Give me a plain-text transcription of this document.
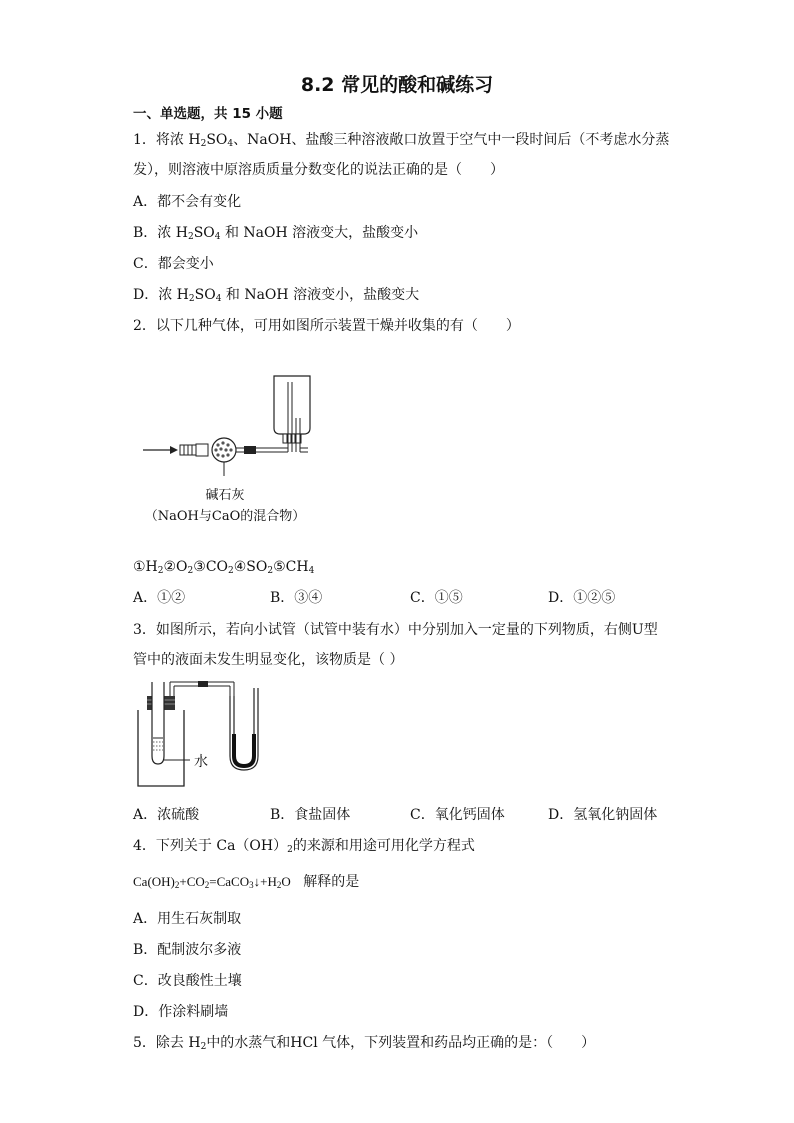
8.2 常见的酸和碱练习
一、单选题，共 15 小题
1．将浓 $H_2SO_4$、NaOH、盐酸三种溶液敞口放置于空气中一段时间后（不考虑水分蒸
发），则溶液中原溶质质量分数变化的说法正确的是（　　）
A．都不会有变化
B．浓 $H_2SO_4$ 和 NaOH 溶液变大，盐酸变小
C．都会变小
D．浓 $H_2SO_4$ 和 NaOH 溶液变小，盐酸变大
2．以下几种气体，可用如图所示装置干燥并收集的有（　　）
碱石灰
（NaOH与CaO的混合物）
$①H_2②O_2③CO_2④SO_2⑤CH_4$
A．①②	B．③④	C．①⑤	D．①②⑤
3．如图所示，若向小试管（试管中装有水）中分别加入一定量的下列物质，右侧U型
管中的液面未发生明显变化，该物质是（ ）
水
A．浓硫酸	B．食盐固体	C．氧化钙固体	D．氢氧化钠固体
4．下列关于 $Ca(OH)_2$的来源和用途可用化学方程式
$Ca(OH)_2+CO_2=CaCO_3↓+H_2O$ 解释的是
A．用生石灰制取
B．配制波尔多液
C．改良酸性土壤
D．作涂料刷墙
5．除去 $H_2$中的水蒸气和HCl 气体，下列装置和药品均正确的是：（　　）
